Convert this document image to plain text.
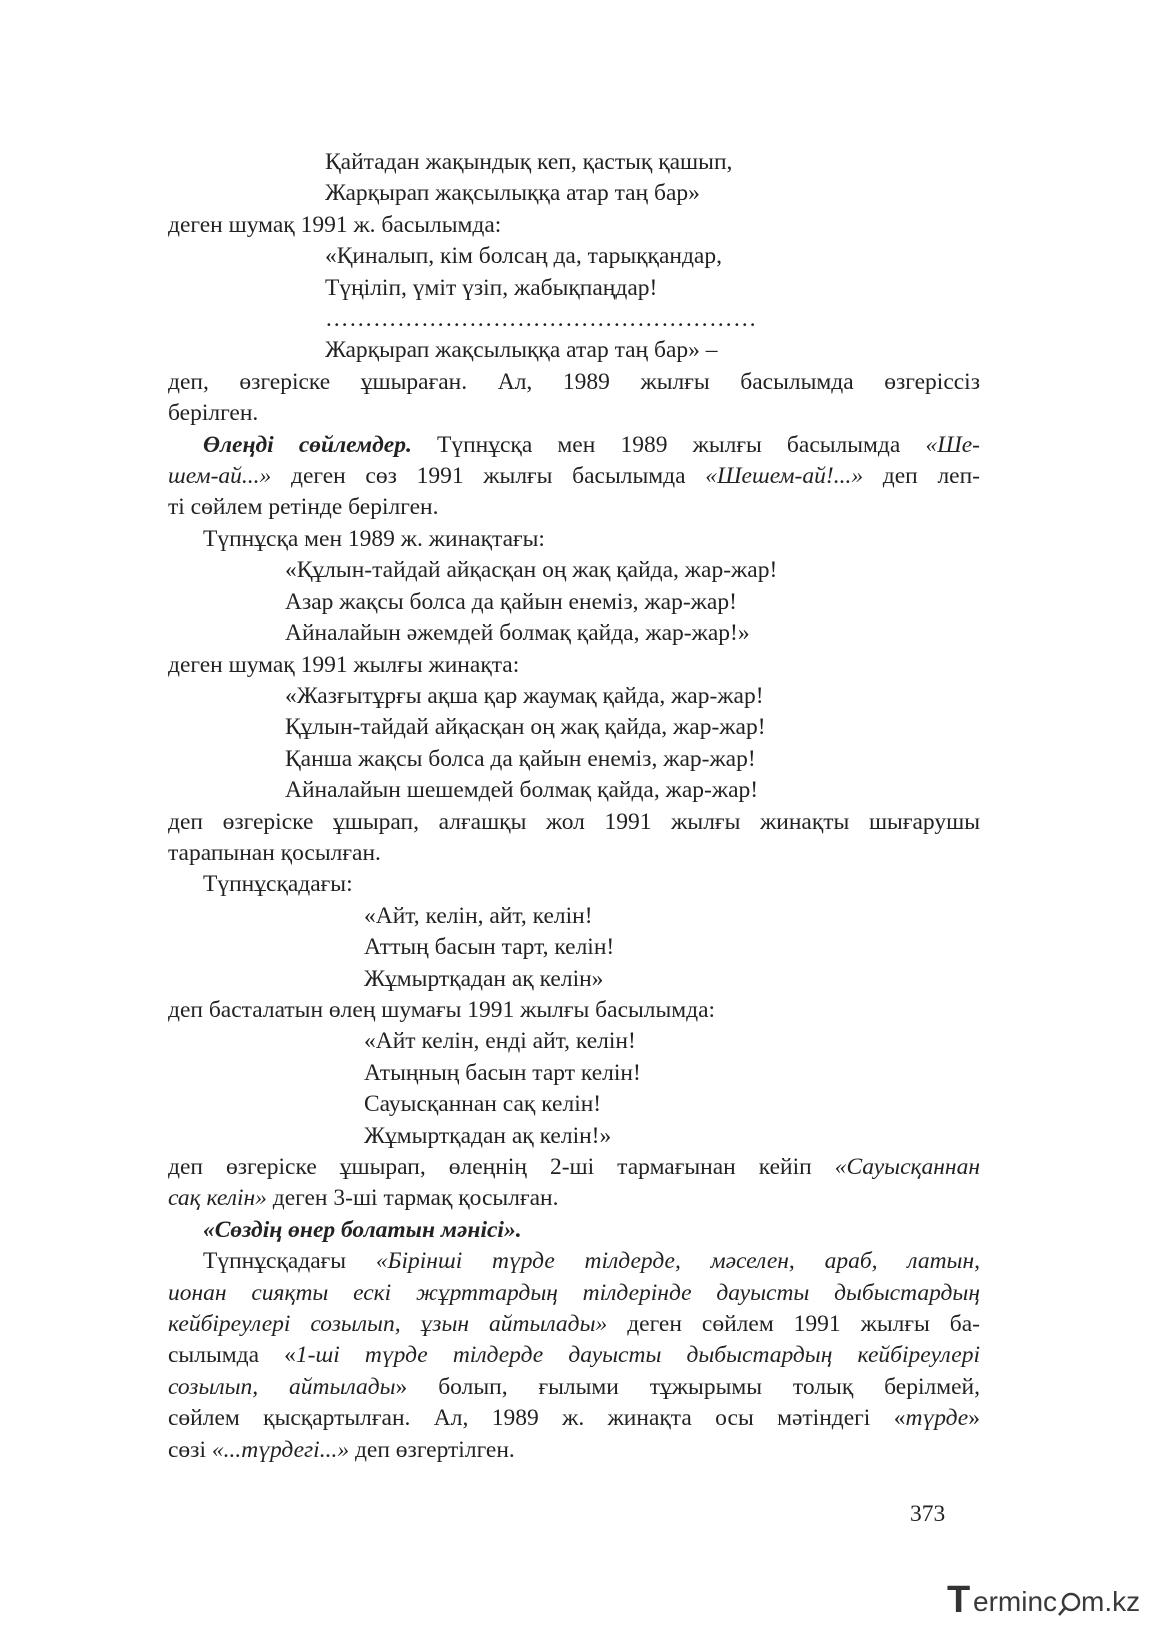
Қайтадан жақындық кеп, қастық қашып,
Жарқырап жақсылыққа атар таң бар»
деген шумақ 1991 ж. басылымда:
«Қиналып, кім болсаң да, тарыққандар,
Түңіліп, үміт үзіп, жабықпаңдар!
………………………………………………
Жарқырап жақсылыққа атар таң бар» –
деп, өзгеріске ұшыраған. Ал, 1989 жылғы басылымда өзгеріссіз
берілген.
Өлеңді сөйлемдер. Түпнұсқа мен 1989 жылғы басылымда «Ше-
шем-ай...» деген сөз 1991 жылғы басылымда «Шешем-ай!...» деп леп-
ті сөйлем ретінде берілген.
Түпнұсқа мен 1989 ж. жинақтағы:
«Құлын-тайдай айқасқан оң жақ қайда, жар-жар!
Азар жақсы болса да қайын енеміз, жар-жар!
Айналайын әжемдей болмақ қайда, жар-жар!»
деген шумақ 1991 жылғы жинақта:
«Жазғытұрғы ақша қар жаумақ қайда, жар-жар!
Құлын-тайдай айқасқан оң жақ қайда, жар-жар!
Қанша жақсы болса да қайын енеміз, жар-жар!
Айналайын шешемдей болмақ қайда, жар-жар!
деп өзгеріске ұшырап, алғашқы жол 1991 жылғы жинақты шығарушы
тарапынан қосылған.
Түпнұсқадағы:
«Айт, келін, айт, келін!
Аттың басын тарт, келін!
Жұмыртқадан ақ келін»
деп басталатын өлең шумағы 1991 жылғы басылымда:
«Айт келін, енді айт, келін!
Атыңның басын тарт келін!
Сауысқаннан сақ келін!
Жұмыртқадан ақ келін!»
деп өзгеріске ұшырап, өлеңнің 2-ші тармағынан кейіп «Сауысқаннан
сақ келін» деген 3-ші тармақ қосылған.
«Сөздің өнер болатын мәнісі».
Түпнұсқадағы «Бірінші түрде тілдерде, мәселен, араб, латын,
ионан сияқты ескі жұрттардың тілдерінде дауысты дыбыстардың
кейбіреулері созылып, ұзын айтылады» деген сөйлем 1991 жылғы ба-
сылымда «1-ші түрде тілдерде дауысты дыбыстардың кейбіреулері
созылып, айтылады» болып, ғылыми тұжырымы толық берілмей,
сөйлем қысқартылған. Ал, 1989 ж. жинақта осы мәтіндегі «түрде»
сөзі «...түрдегі...» деп өзгертілген.
373
T erminc m.kz
